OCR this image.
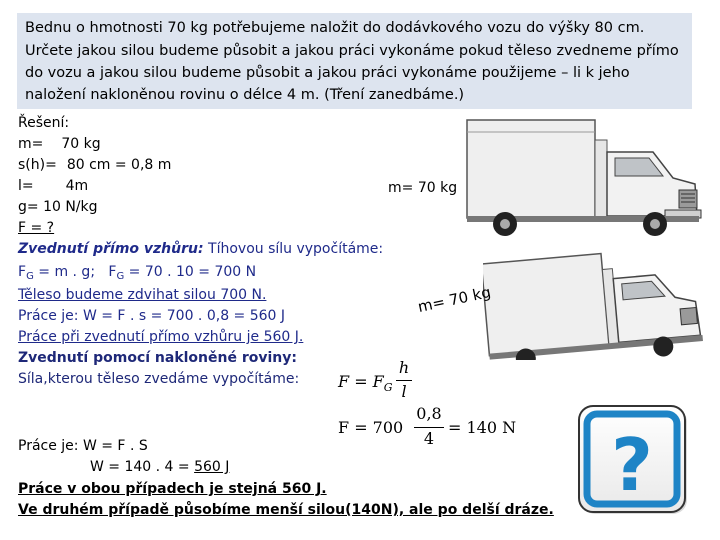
Bednu o hmotnosti 70 kg potřebujeme naložit do dodávkového vozu do výšky 80 cm.
Určete jakou silou budeme působit a jakou práci vykonáme pokud těleso zvedneme přímo
do vozu a jakou silou budeme působit a jakou práci vykonáme použijeme – li k jeho
naložení nakloněnou rovinu o délce 4 m. (Tření zanedbáme.)
m= 70 kg
m= 70 kg
Řešení:
m= 70 kg
s(h)= 80 cm = 0,8 m
l= 4m
g= 10 N/kg
F = ?
Zvednutí přímo vzhůru: Tíhovou sílu vypočítáme:
$F_G = m$ . g;   $F_G = 70$ . 10 = 700 N
Těleso budeme zdvihat silou 700 N.
Práce je: W = F . s = 700 . 0,8 = 560 J
Práce při zvednutí přímo vzhůru je 560 J.
Zvednutí pomocí nakloněné roviny:
Síla,kterou těleso zvedáme vypočítáme: $F = F_G$
h
l
F = 700
0,8
4
= 140 N
Práce je: W = F . S
W = 140 . 4 = 560 J
Práce v obou případech je stejná 560 J.
Ve druhém případě působíme menší silou(140N), ale po delší dráze.
?
